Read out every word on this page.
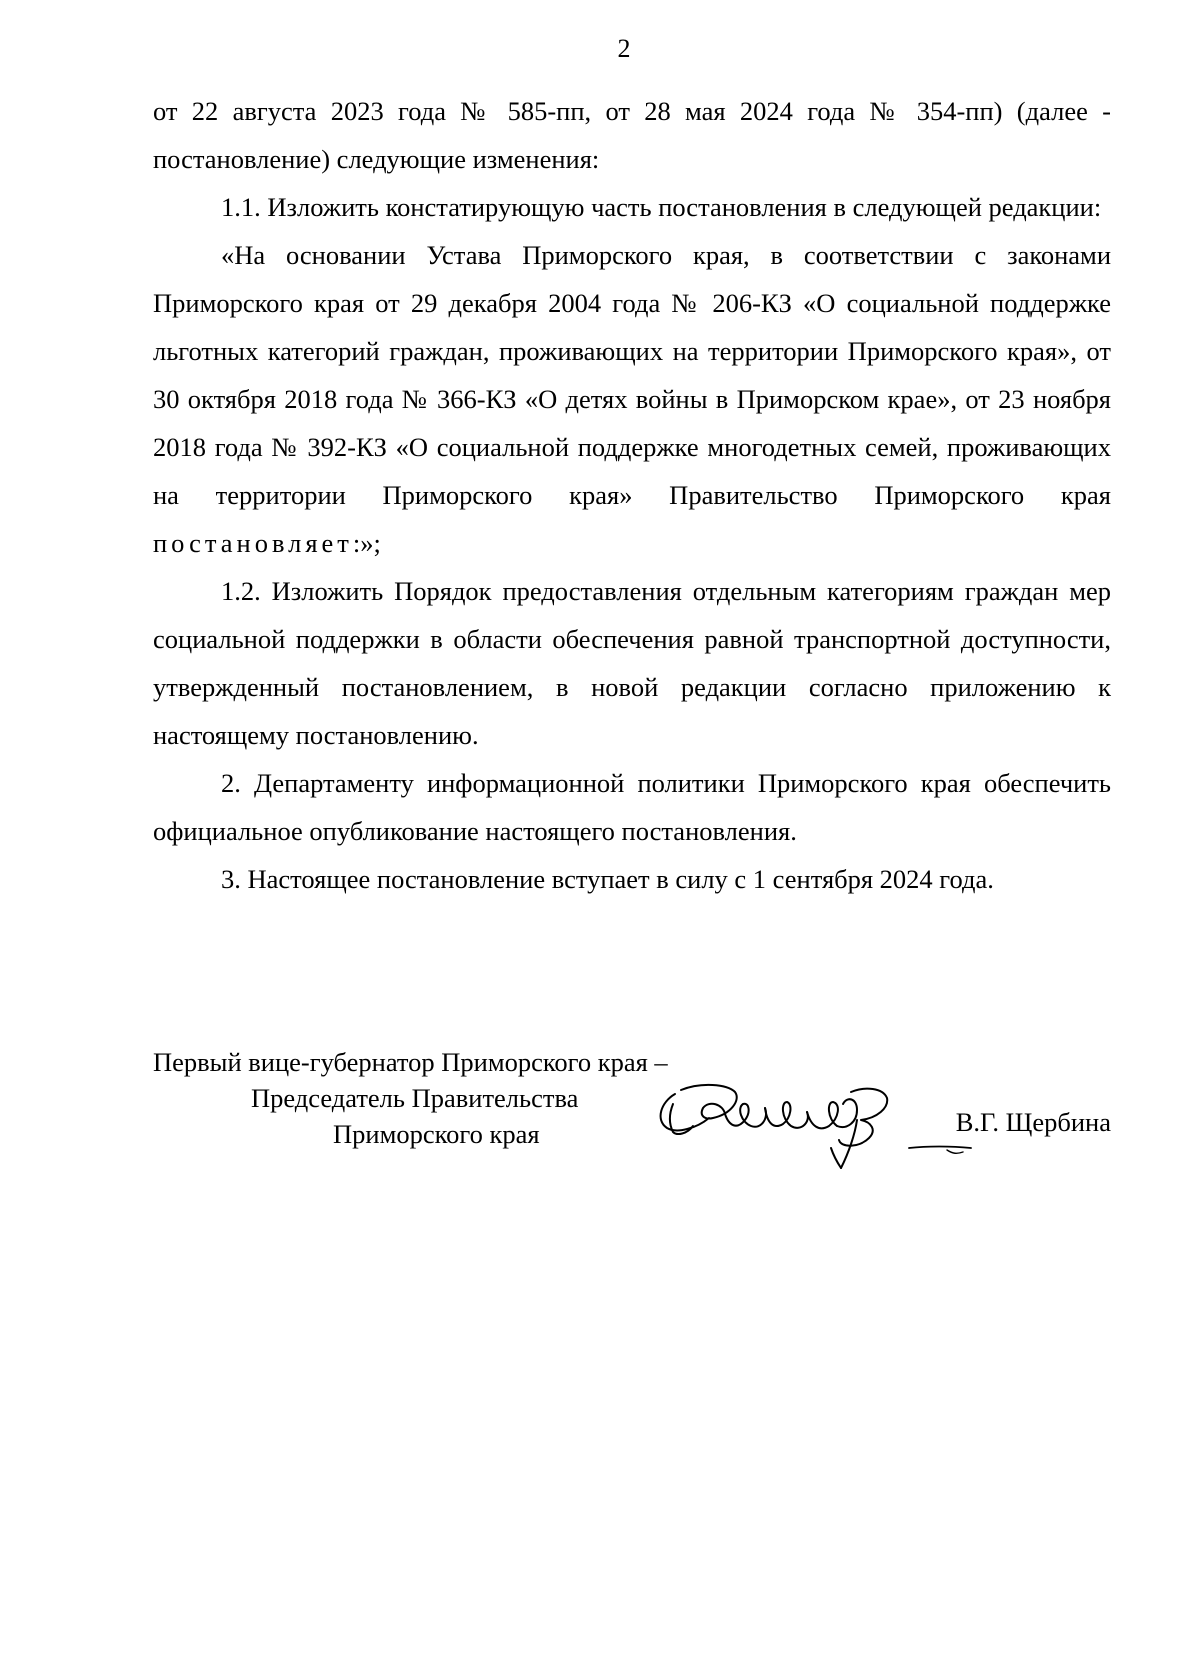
2

от 22 августа 2023 года № 585-пп, от 28 мая 2024 года № 354-пп) (далее - постановление) следующие изменения:

1.1. Изложить констатирующую часть постановления в следующей редакции:

«На основании Устава Приморского края, в соответствии с законами Приморского края от 29 декабря 2004 года № 206-КЗ «О социальной поддержке льготных категорий граждан, проживающих на территории Приморского края», от 30 октября 2018 года № 366-КЗ «О детях войны в Приморском крае», от 23 ноября 2018 года № 392-КЗ «О социальной поддержке многодетных семей, проживающих на территории Приморского края» Правительство Приморского края постановляет:»;

1.2. Изложить Порядок предоставления отдельным категориям граждан мер социальной поддержки в области обеспечения равной транспортной доступности, утвержденный постановлением, в новой редакции согласно приложению к настоящему постановлению.

2. Департаменту информационной политики Приморского края обеспечить официальное опубликование настоящего постановления.

3. Настоящее постановление вступает в силу с 1 сентября 2024 года.

Первый вице-губернатор Приморского края –
Председатель Правительства
Приморского края	В.Г. Щербина
